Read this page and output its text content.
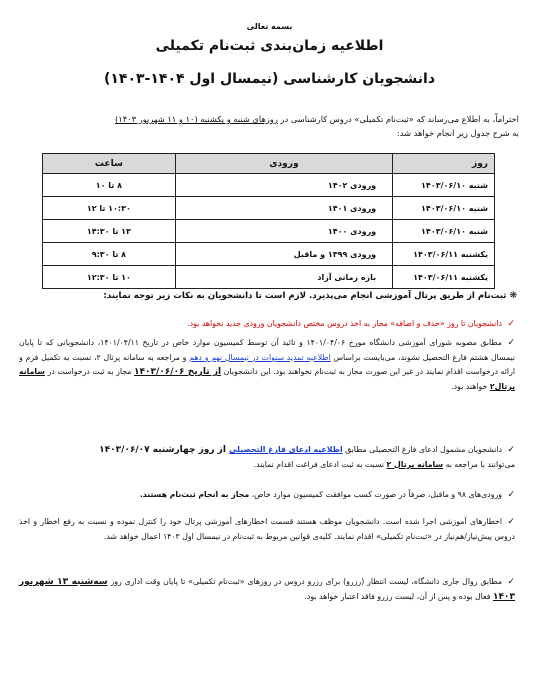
بسمه تعالی
اطلاعیه زمان‌بندی ثبت‌نام تکمیلی
دانشجویان کارشناسی (نیمسال اول ۱۴۰۴-۱۴۰۳)
احتراماً، به اطلاع می‌رساند که «ثبت‌نام تکمیلی» دروس کارشناسی در روزهای شنبه و یکشنبه (۱۰ و ۱۱ شهریور ۱۴۰۳)
به شرح جدول زیر انجام خواهد شد:
روز	ورودی	ساعت
شنبه ۱۴۰۳/۰۶/۱۰	ورودی ۱۴۰۲	۸ تا ۱۰
شنبه ۱۴۰۳/۰۶/۱۰	ورودی ۱۴۰۱	۱۰:۳۰ تا ۱۲
شنبه ۱۴۰۳/۰۶/۱۰	ورودی ۱۴۰۰	۱۳ تا ۱۴:۳۰
یکشنبه ۱۴۰۳/۰۶/۱۱	ورودی ۱۳۹۹ و ماقبل	۸ تا ۹:۳۰
یکشنبه ۱۴۰۳/۰۶/۱۱	بازه زمانی آزاد	۱۰ تا ۱۲:۳۰
❋ ثبت‌نام از طریق پرتال آموزشی انجام می‌پذیرد. لازم است تا دانشجویان به نکات زیر توجه نمایند:
✓دانشجویان تا روز «حذف و اضافه» مجاز به اخذ دروس مختص دانشجویان ورودی جدید نخواهد بود.
✓مطابق مصوبه شورای آموزشی دانشگاه مورخ ۱۴۰۱/۰۴/۰۶ و تائید آن توسط کمیسیون موارد خاص در تاریخ ۱۴۰۱/۰۴/۱۱، دانشجویانی که تا پایان نیمسال هشتم فارغ التحصیل نشوند، می‌بایست براساس اطلاعیه تمدید سنوات در نیمسال نهم و دهم و مراجعه به سامانه پرتال ۲، نسبت به تکمیل فرم و ارائه درخواست اقدام نمایند در غیر این صورت مجاز به ثبت‌نام نخواهند بود. این دانشجویان از تاریخ ۱۴۰۳/۰۶/۰۶ مجاز به ثبت درخواست در سامانه پرتال۲ خواهند بود.
✓دانشجویان مشمول ادعای فارغ التحصیلی مطابق اطلاعیه ادعای فارغ التحصیلی از روز چهارشنبه ۱۴۰۳/۰۶/۰۷
می‌توانند با مراجعه به سامانه پرتال ۲ نسبت به ثبت ادعای فراغت اقدام نمایند.
✓ورودی‌های ۹۸ و ماقبل، صرفاً در صورت کسب موافقت کمیسیون موارد خاص، مجاز به انجام ثبت‌نام هستند.
✓اخطارهای آموزشی اجرا شده است. دانشجویان موظف هستند قسمت اخطارهای آموزشی پرتال خود را کنترل نموده و نسبت به رفع اخطار و اخذ دروس پیش‌نیاز/هم‌نیاز در «ثبت‌نام تکمیلی» اقدام نمایند. کلیه‌ی قوانین مربوط به ثبت‌نام در نیمسال اول ۱۴۰۳ اعمال خواهد شد.
✓مطابق روال جاری دانشگاه، لیست انتظار (رزرو) برای رزرو دروس در روزهای «ثبت‌نام تکمیلی» تا پایان وقت اداری روز سه‌شنبه ۱۳ شهریور ۱۴۰۳ فعال بوده و پس از آن، لیست رزرو فاقد اعتبار خواهد بود.
